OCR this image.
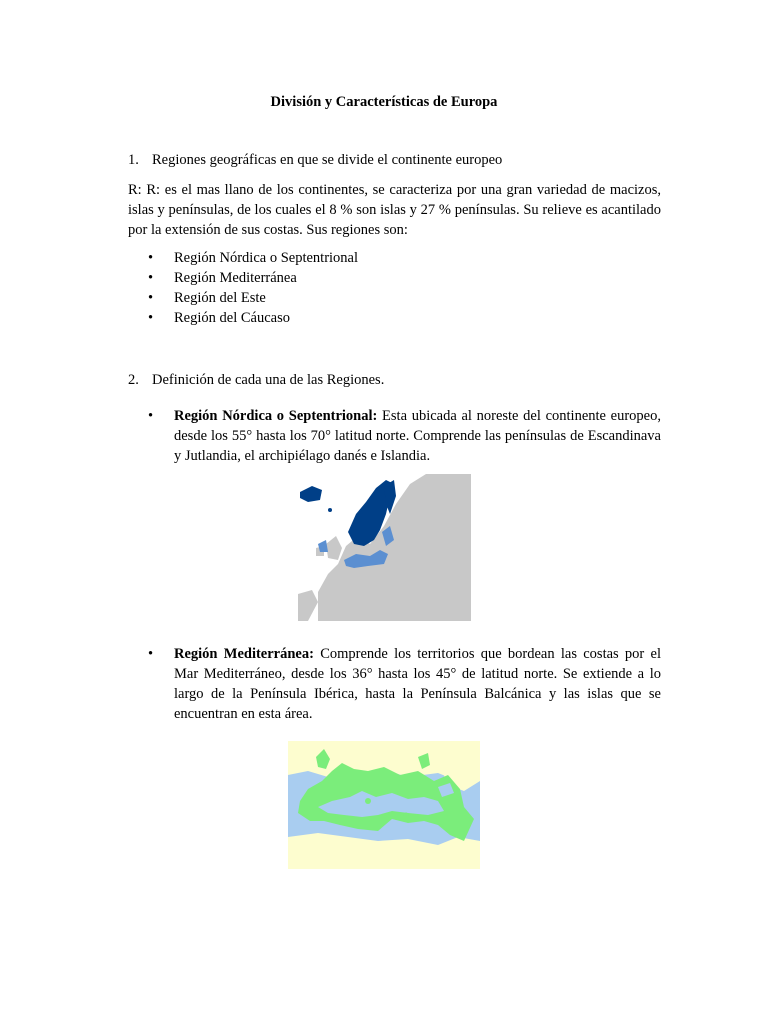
División y Características de Europa
1. Regiones geográficas en que se divide el continente europeo
R: R: es el mas llano de los continentes, se caracteriza por una gran variedad de macizos, islas y penínsulas, de los cuales el 8 % son islas y 27 % penínsulas. Su relieve es acantilado por la extensión de sus costas. Sus regiones son:
• Región Nórdica o Septentrional
• Región Mediterránea
• Región del Este
• Región del Cáucaso
2. Definición de cada una de las Regiones.
• Región Nórdica o Septentrional: Esta ubicada al noreste del continente europeo, desde los 55° hasta los 70° latitud norte. Comprende las penínsulas de Escandinava y Jutlandia, el archipiélago danés e Islandia.
• Región Mediterránea: Comprende los territorios que bordean las costas por el Mar Mediterráneo, desde los 36° hasta los 45° de latitud norte. Se extiende a lo largo de la Península Ibérica, hasta la Península Balcánica y las islas que se encuentran en esta área.
